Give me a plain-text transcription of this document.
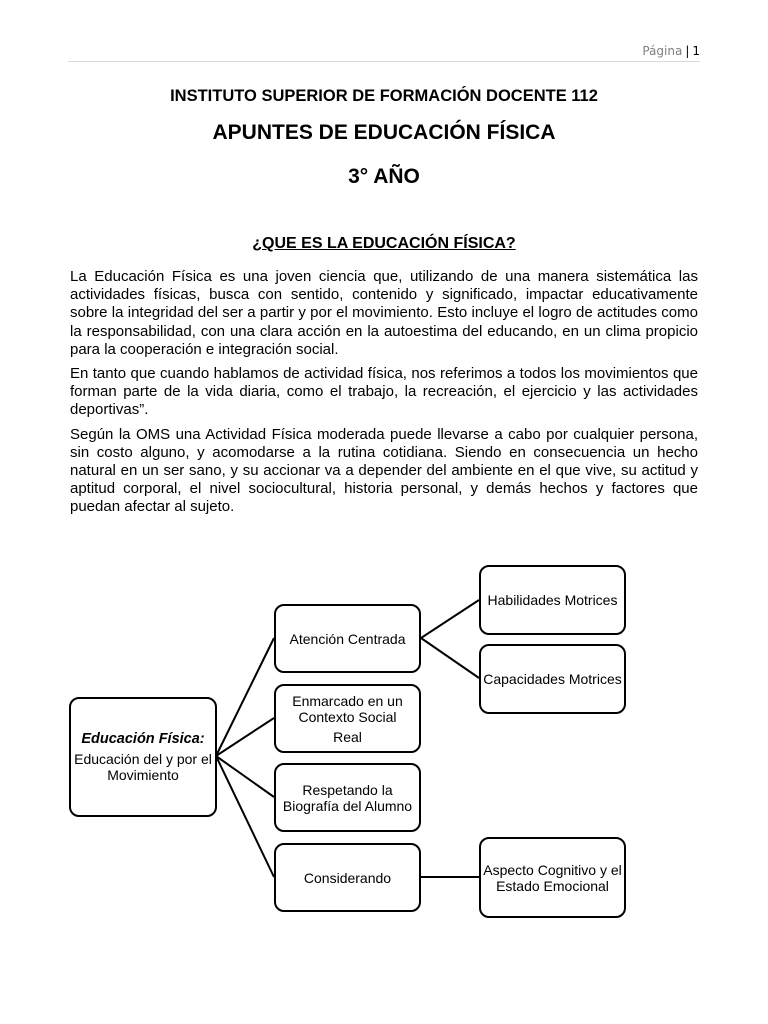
Página | 1
INSTITUTO SUPERIOR DE FORMACIÓN DOCENTE 112
APUNTES DE EDUCACIÓN FÍSICA
3° AÑO
¿QUE ES LA EDUCACIÓN FÍSICA?

La Educación Física es una joven ciencia que, utilizando de una manera sistemática las actividades físicas, busca con sentido, contenido y significado, impactar educativamente sobre la integridad del ser a partir y por el movimiento. Esto incluye el logro de actitudes como la responsabilidad, con una clara acción en la autoestima del educando, en un clima propicio para la cooperación e integración social.

En tanto que cuando hablamos de actividad física, nos referimos a todos los movimientos que forman parte de la vida diaria, como el trabajo, la recreación, el ejercicio y las actividades deportivas”.

Según la OMS una Actividad Física moderada puede llevarse a cabo por cualquier persona, sin costo alguno, y acomodarse a la rutina cotidiana. Siendo en consecuencia un hecho natural en un ser sano, y su accionar va a depender del ambiente en el que vive, su actitud y aptitud corporal, el nivel sociocultural, historia personal, y demás hechos y factores que puedan afectar al sujeto.

Educación Física:
Educación del y por el Movimiento
Atención Centrada
Enmarcado en un Contexto Social
Real
Respetando la Biografía del Alumno
Considerando
Habilidades Motrices
Capacidades Motrices
Aspecto Cognitivo y el Estado Emocional
